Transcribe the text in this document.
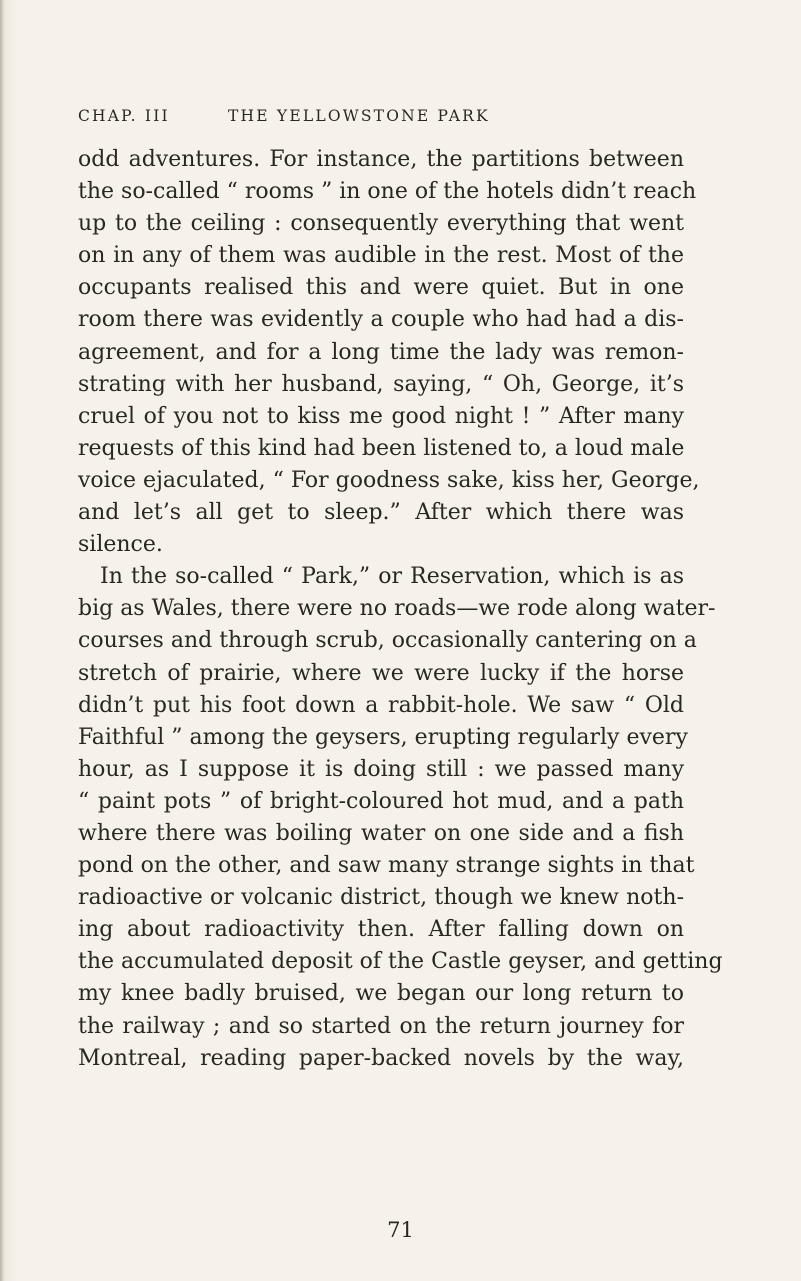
CHAP. III	THE YELLOWSTONE PARK
odd adventures. For instance, the partitions between
the so-called “ rooms ” in one of the hotels didn’t reach
up to the ceiling : consequently everything that went
on in any of them was audible in the rest. Most of the
occupants realised this and were quiet. But in one
room there was evidently a couple who had had a dis-
agreement, and for a long time the lady was remon-
strating with her husband, saying, “ Oh, George, it’s
cruel of you not to kiss me good night ! ” After many
requests of this kind had been listened to, a loud male
voice ejaculated, “ For goodness sake, kiss her, George,
and let’s all get to sleep.” After which there was
silence.
In the so-called “ Park,” or Reservation, which is as
big as Wales, there were no roads—we rode along water-
courses and through scrub, occasionally cantering on a
stretch of prairie, where we were lucky if the horse
didn’t put his foot down a rabbit-hole. We saw “ Old
Faithful ” among the geysers, erupting regularly every
hour, as I suppose it is doing still : we passed many
“ paint pots ” of bright-coloured hot mud, and a path
where there was boiling water on one side and a fish
pond on the other, and saw many strange sights in that
radioactive or volcanic district, though we knew noth-
ing about radioactivity then. After falling down on
the accumulated deposit of the Castle geyser, and getting
my knee badly bruised, we began our long return to
the railway ; and so started on the return journey for
Montreal, reading paper-backed novels by the way,
71
